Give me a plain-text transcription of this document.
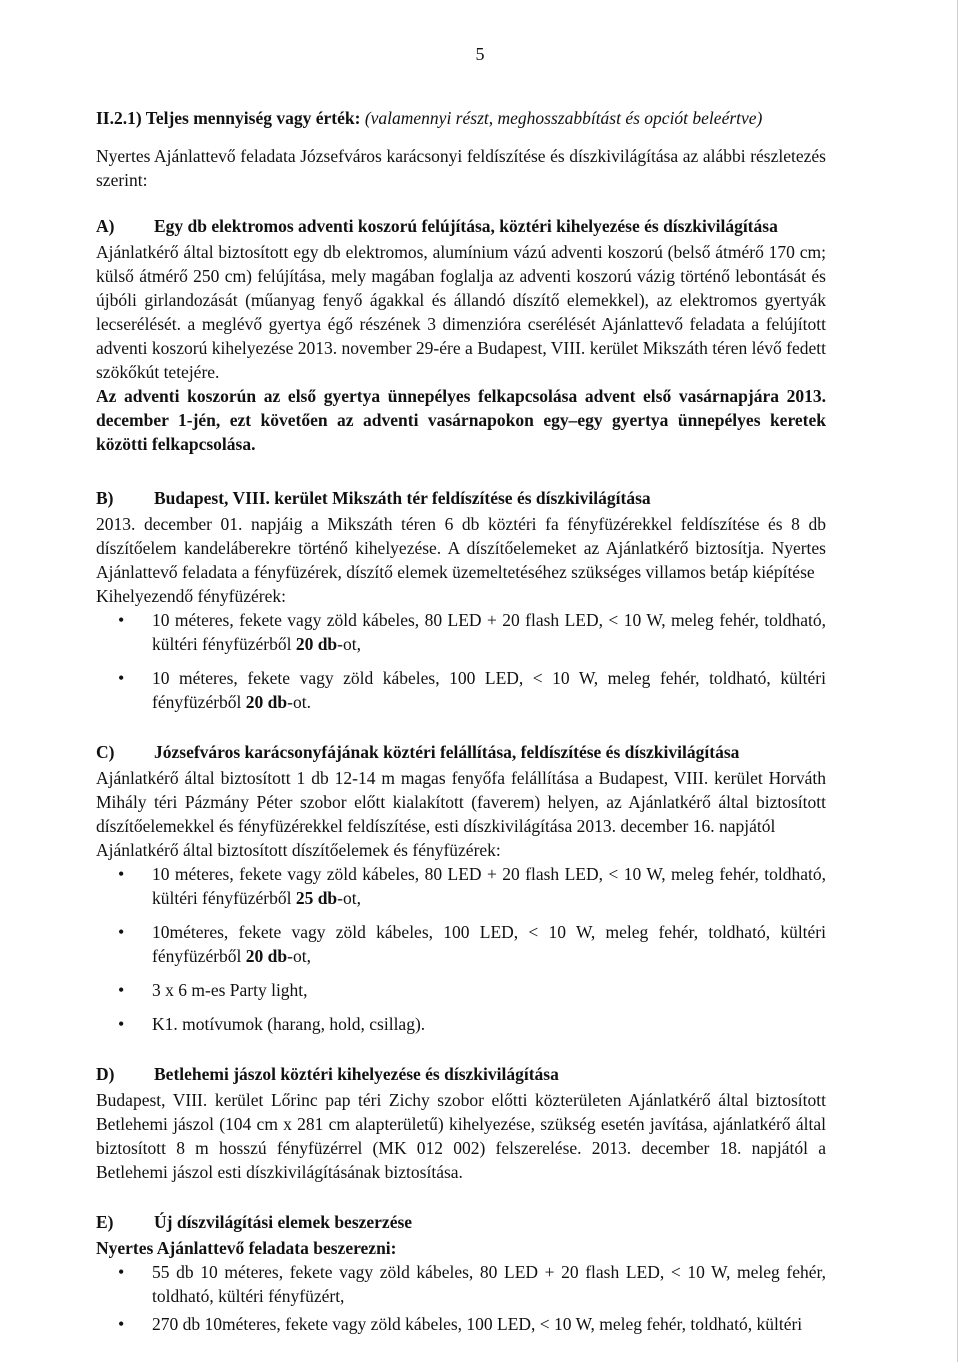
5
II.2.1) Teljes mennyiség vagy érték: (valamennyi részt, meghosszabbítást és opciót beleértve)

Nyertes Ajánlattevő feladata Józsefváros karácsonyi feldíszítése és díszkivilágítása az alábbi részletezés szerint:

A)	Egy db elektromos adventi koszorú felújítása, köztéri kihelyezése és díszkivilágítása

Ajánlatkérő által biztosított egy db elektromos, alumínium vázú adventi koszorú (belső átmérő 170 cm; külső átmérő 250 cm) felújítása, mely magában foglalja az adventi koszorú vázig történő lebontását és újbóli girlandozását (műanyag fenyő ágakkal és állandó díszítő elemekkel), az elektromos gyertyák lecserélését. a meglévő gyertya égő részének 3 dimenzióra cserélését Ajánlattevő feladata a felújított adventi koszorú kihelyezése 2013. november 29-ére a Budapest, VIII. kerület Mikszáth téren lévő fedett szökőkút tetejére.

Az adventi koszorún az első gyertya ünnepélyes felkapcsolása advent első vasárnapjára 2013. december 1-jén, ezt követően az adventi vasárnapokon egy–egy gyertya ünnepélyes keretek közötti felkapcsolása.

B)	Budapest, VIII. kerület Mikszáth tér feldíszítése és díszkivilágítása

2013. december 01. napjáig a Mikszáth téren 6 db köztéri fa fényfüzérekkel feldíszítése és 8 db díszítőelem kandeláberekre történő kihelyezése. A díszítőelemeket az Ajánlatkérő biztosítja. Nyertes Ajánlattevő feladata a fényfüzérek, díszítő elemek üzemeltetéséhez szükséges villamos betáp kiépítése

Kihelyezendő fényfüzérek:

• 10 méteres, fekete vagy zöld kábeles, 80 LED + 20 flash LED, < 10 W, meleg fehér, toldható, kültéri fényfüzérből 20 db-ot,
• 10 méteres, fekete vagy zöld kábeles, 100 LED, < 10 W, meleg fehér, toldható, kültéri fényfüzérből 20 db-ot.
C)	Józsefváros karácsonyfájának köztéri felállítása, feldíszítése és díszkivilágítása

Ajánlatkérő által biztosított 1 db 12-14 m magas fenyőfa felállítása a Budapest, VIII. kerület Horváth Mihály téri Pázmány Péter szobor előtt kialakított (faverem) helyen, az Ajánlatkérő által biztosított díszítőelemekkel és fényfüzérekkel feldíszítése, esti díszkivilágítása 2013. december 16. napjától

Ajánlatkérő által biztosított díszítőelemek és fényfüzérek:

• 10 méteres, fekete vagy zöld kábeles, 80 LED + 20 flash LED, < 10 W, meleg fehér, toldható, kültéri fényfüzérből 25 db-ot,
• 10méteres, fekete vagy zöld kábeles, 100 LED, < 10 W, meleg fehér, toldható, kültéri fényfüzérből 20 db-ot,
• 3 x 6 m-es Party light,
• K1. motívumok (harang, hold, csillag).
D)	Betlehemi jászol köztéri kihelyezése és díszkivilágítása

Budapest, VIII. kerület Lőrinc pap téri Zichy szobor előtti közterületen Ajánlatkérő által biztosított Betlehemi jászol (104 cm x 281 cm alapterületű) kihelyezése, szükség esetén javítása, ajánlatkérő által biztosított 8 m hosszú fényfüzérrel (MK 012 002) felszerelése. 2013. december 18. napjától a Betlehemi jászol esti díszkivilágításának biztosítása.

E)	Új díszvilágítási elemek beszerzése

Nyertes Ajánlattevő feladata beszerezni:

• 55 db 10 méteres, fekete vagy zöld kábeles, 80 LED + 20 flash LED, < 10 W, meleg fehér, toldható, kültéri fényfüzért,
• 270 db 10méteres, fekete vagy zöld kábeles, 100 LED, < 10 W, meleg fehér, toldható, kültéri
